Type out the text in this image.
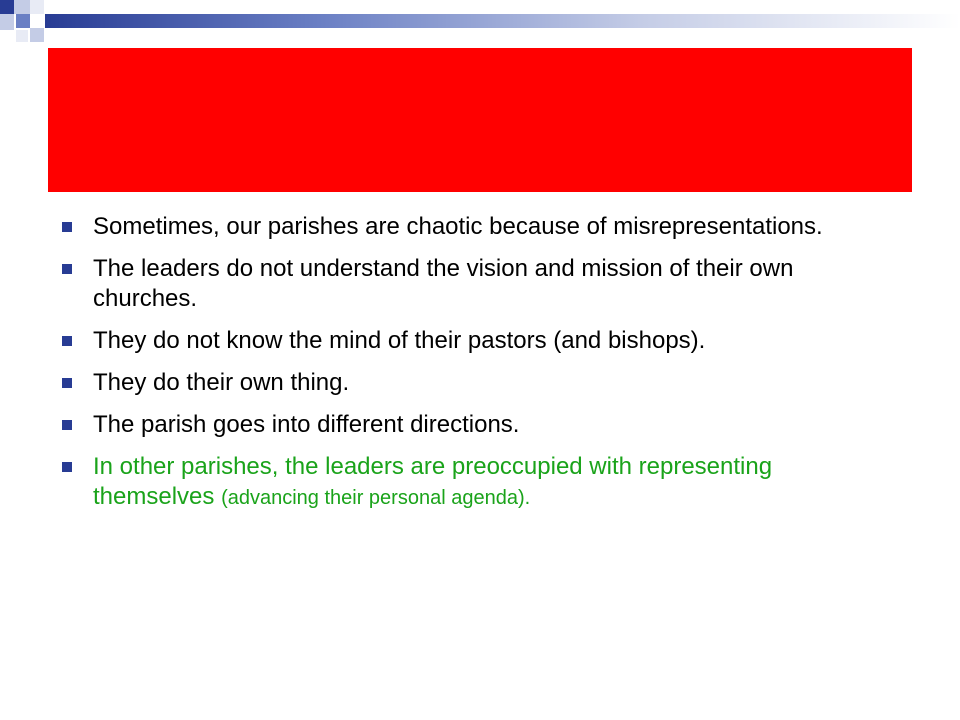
Sometimes, our parishes are chaotic because of misrepresentations.
The leaders do not understand the vision and mission of their own churches.
They do not know the mind of their pastors (and bishops).
They do their own thing.
The parish goes into different directions.
In other parishes, the leaders are preoccupied with representing themselves (advancing their personal agenda).
